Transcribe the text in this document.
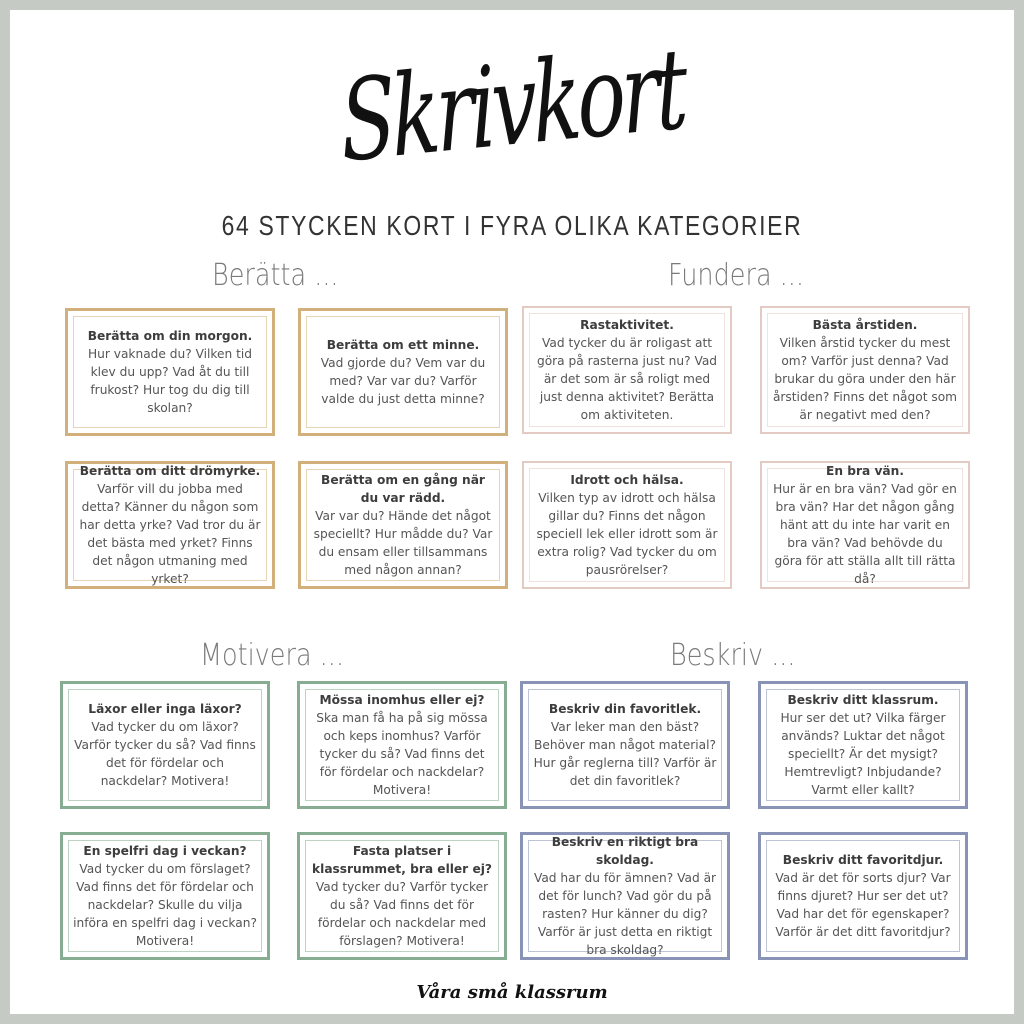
Skrivkort
64 STYCKEN KORT I FYRA OLIKA KATEGORIER
Berätta ...
Berätta om din morgon.
Hur vaknade du? Vilken tid klev du upp? Vad åt du till frukost? Hur tog du dig till skolan?
Berätta om ett minne.
Vad gjorde du? Vem var du med? Var var du? Varför valde du just detta minne?
Berätta om ditt drömyrke.
Varför vill du jobba med detta? Känner du någon som har detta yrke? Vad tror du är det bästa med yrket? Finns det någon utmaning med yrket?
Berätta om en gång när du var rädd.
Var var du? Hände det något speciellt? Hur mådde du? Var du ensam eller tillsammans med någon annan?
Fundera ...
Rastaktivitet.
Vad tycker du är roligast att göra på rasterna just nu? Vad är det som är så roligt med just denna aktivitet? Berätta om aktiviteten.
Bästa årstiden.
Vilken årstid tycker du mest om? Varför just denna? Vad brukar du göra under den här årstiden? Finns det något som är negativt med den?
Idrott och hälsa.
Vilken typ av idrott och hälsa gillar du? Finns det någon speciell lek eller idrott som är extra rolig? Vad tycker du om pausrörelser?
En bra vän.
Hur är en bra vän? Vad gör en bra vän? Har det någon gång hänt att du inte har varit en bra vän? Vad behövde du göra för att ställa allt till rätta då?
Motivera ...
Läxor eller inga läxor?
Vad tycker du om läxor? Varför tycker du så? Vad finns det för fördelar och nackdelar? Motivera!
Mössa inomhus eller ej?
Ska man få ha på sig mössa och keps inomhus? Varför tycker du så? Vad finns det för fördelar och nackdelar? Motivera!
En spelfri dag i veckan?
Vad tycker du om förslaget? Vad finns det för fördelar och nackdelar? Skulle du vilja införa en spelfri dag i veckan? Motivera!
Fasta platser i klassrummet, bra eller ej?
Vad tycker du? Varför tycker du så? Vad finns det för fördelar och nackdelar med förslagen? Motivera!
Beskriv ...
Beskriv din favoritlek.
Var leker man den bäst? Behöver man något material? Hur går reglerna till? Varför är det din favoritlek?
Beskriv ditt klassrum.
Hur ser det ut? Vilka färger används? Luktar det något speciellt? Är det mysigt? Hemtrevligt? Inbjudande? Varmt eller kallt?
Beskriv en riktigt bra skoldag.
Vad har du för ämnen? Vad är det för lunch? Vad gör du på rasten? Hur känner du dig? Varför är just detta en riktigt bra skoldag?
Beskriv ditt favoritdjur.
Vad är det för sorts djur? Var finns djuret? Hur ser det ut? Vad har det för egenskaper? Varför är det ditt favoritdjur?
Våra små klassrum
